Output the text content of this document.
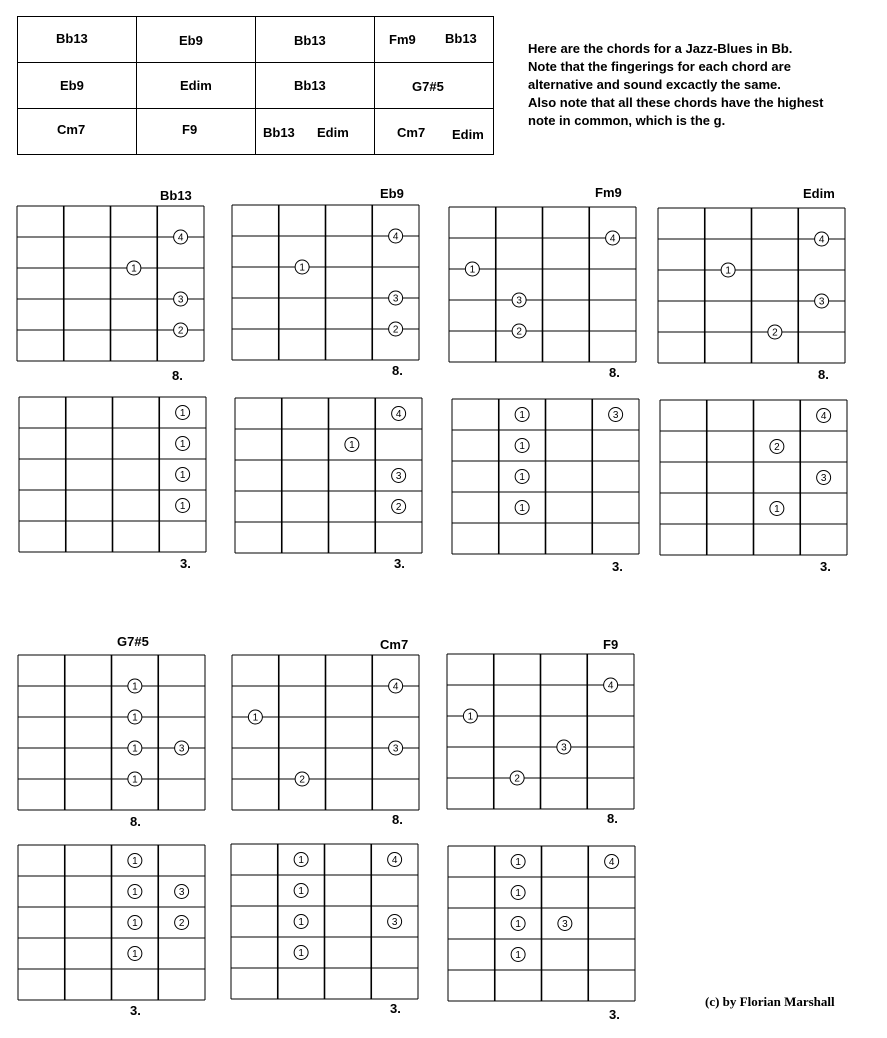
Bb13	Eb9	Bb13	Fm9 Bb13

Eb9	Edim	Bb13	G7#5

Cm7	F9	Bb13 Edim	Cm7 Edim
Here are the chords for a Jazz-Blues in Bb.
Note that the fingerings for each chord are
alternative and sound excactly the same.
Also note that all these chords have the highest
note in common, which is the g.
Bb13
4
1
3
2
8.
1
1
1
1
3.
Eb9
4
1
3
2
8.
4
1
3
2
3.
Fm9
4
1
3
2
8.
1	3
1
1
1
3.
Edim
4
1
3
2
8.
4
2
3
1
3.
G7#5
1
1
1	3
1
8.
1
1	3
1	2
1
3.
Cm7
4
1
3
2
8.
1	4
1
1	3
1
3.
F9
4
1
3
2
8.
1	4
1
1	3
1
3.
(c) by Florian Marshall
